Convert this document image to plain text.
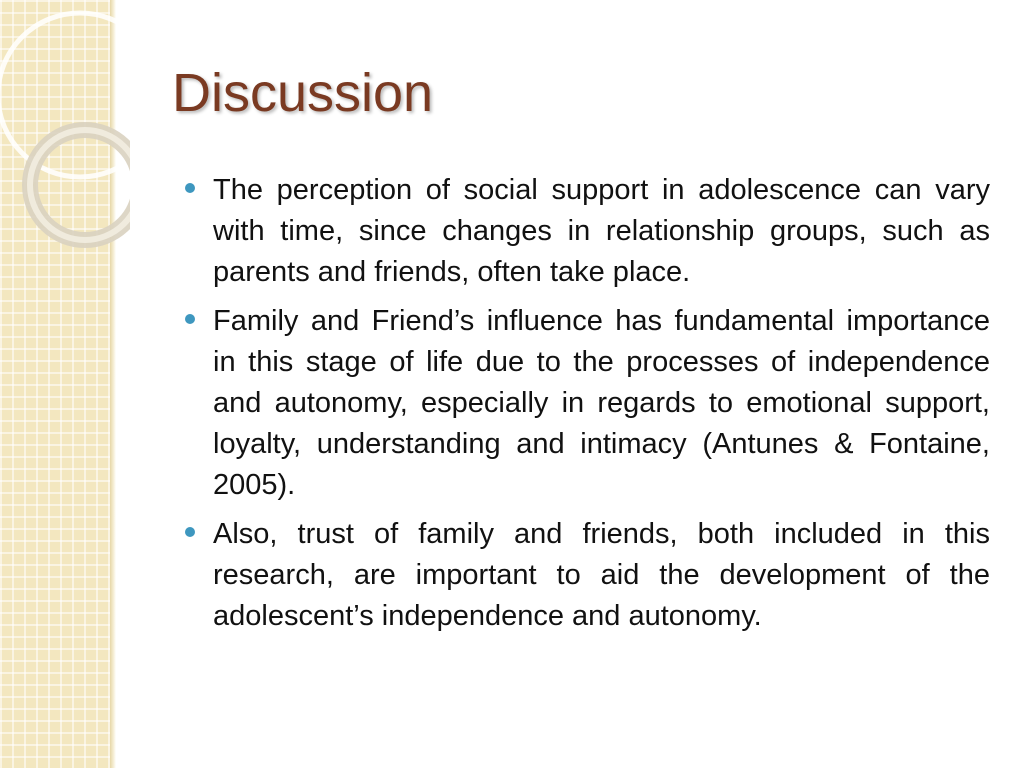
Discussion
The perception of social support in adolescence can vary with time, since changes in relationship groups, such as parents and friends, often take place.
Family and Friend’s influence has fundamental importance in this stage of life due to the processes of independence and autonomy, especially in regards to emotional support, loyalty, understanding and intimacy (Antunes & Fontaine, 2005).
Also, trust of family and friends, both included in this research, are important to aid the development of the adolescent’s independence and autonomy.
